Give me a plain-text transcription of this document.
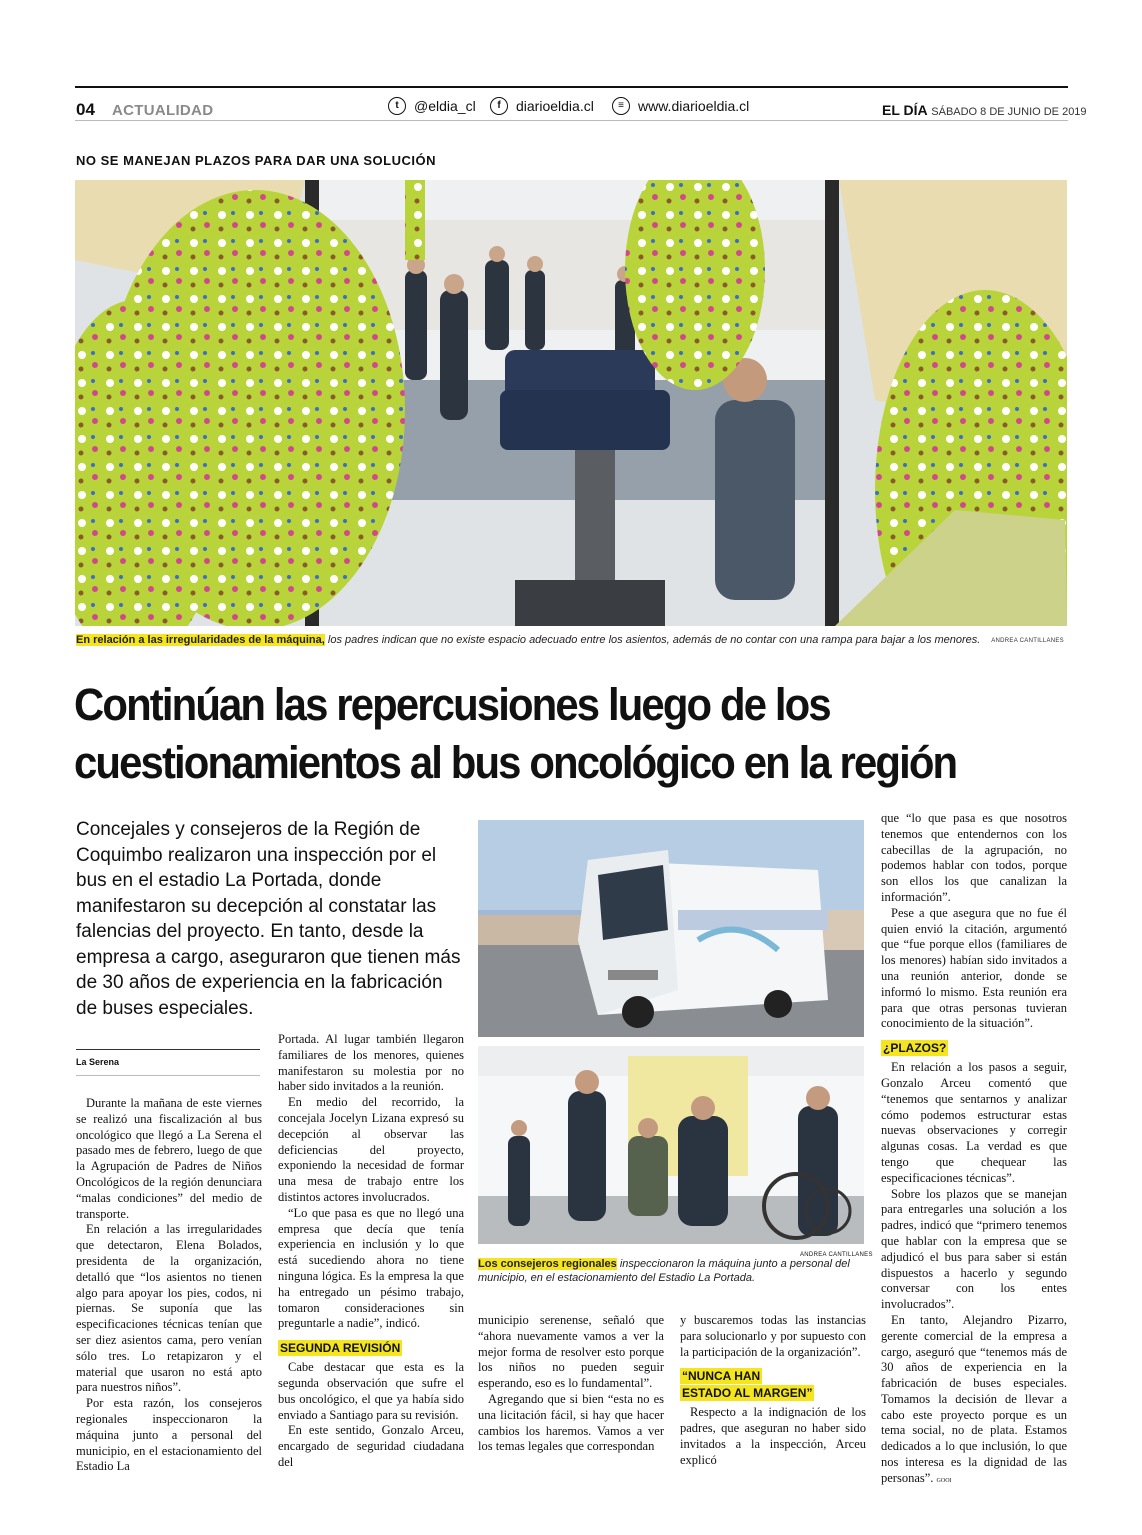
04 ACTUALIDAD	t	@eldia_cl	f	diarioeldia.cl	≡	www.diarioeldia.cl	EL DÍA SÁBADO 8 DE JUNIO DE 2019
NO SE MANEJAN PLAZOS PARA DAR UNA SOLUCIÓN
En relación a las irregularidades de la máquina, los padres indican que no existe espacio adecuado entre los asientos, además de no contar con una rampa para bajar a los menores. ANDREA CANTILLANES
Continúan las repercusiones luego de los cuestionamientos al bus oncológico en la región
Concejales y consejeros de la Región de Coquimbo realizaron una inspección por el bus en el estadio La Portada, donde manifestaron su decepción al constatar las falencias del proyecto. En tanto, desde la empresa a cargo, aseguraron que tienen más de 30 años de experiencia en la fabricación de buses especiales.
La Serena

Durante la mañana de este viernes se realizó una fiscalización al bus oncológico que llegó a La Serena el pasado mes de febrero, luego de que la Agrupación de Padres de Niños Oncológicos de la región denunciara “malas condiciones” del medio de transporte.

En relación a las irregularidades que detectaron, Elena Bolados, presidenta de la organización, detalló que “los asientos no tienen algo para apoyar los pies, codos, ni piernas. Se suponía que las especificaciones técnicas tenían que ser diez asientos cama, pero venían sólo tres. Lo retapizaron y el material que usaron no está apto para nuestros niños”.

Por esta razón, los consejeros regionales inspeccionaron la máquina junto a personal del municipio, en el estacionamiento del Estadio La

Portada. Al lugar también llegaron familiares de los menores, quienes manifestaron su molestia por no haber sido invitados a la reunión.

En medio del recorrido, la concejala Jocelyn Lizana expresó su decepción al observar las deficiencias del proyecto, exponiendo la necesidad de formar una mesa de trabajo entre los distintos actores involucrados.

“Lo que pasa es que no llegó una empresa que decía que tenía experiencia en inclusión y lo que está sucediendo ahora no tiene ninguna lógica. Es la empresa la que ha entregado un pésimo trabajo, tomaron consideraciones sin preguntarle a nadie”, indicó.

SEGUNDA REVISIÓN

Cabe destacar que esta es la segunda observación que sufre el bus oncológico, el que ya había sido enviado a Santiago para su revisión.

En este sentido, Gonzalo Arceu, encargado de seguridad ciudadana del

ANDREA CANTILLANES
Los consejeros regionales inspeccionaron la máquina junto a personal del municipio, en el estacionamiento del Estadio La Portada.

municipio serenense, señaló que “ahora nuevamente vamos a ver la mejor forma de resolver esto porque los niños no pueden seguir esperando, eso es lo fundamental”.

Agregando que si bien “esta no es una licitación fácil, si hay que hacer cambios los haremos. Vamos a ver los temas legales que correspondan

y buscaremos todas las instancias para solucionarlo y por supuesto con la participación de la organización”.

“NUNCA HAN
ESTADO AL MARGEN”

Respecto a la indignación de los padres, que aseguran no haber sido invitados a la inspección, Arceu explicó

que “lo que pasa es que nosotros tenemos que entendernos con los cabecillas de la agrupación, no podemos hablar con todos, porque son ellos los que canalizan la información”.

Pese a que asegura que no fue él quien envió la citación, argumentó que “fue porque ellos (familiares de los menores) habían sido invitados a una reunión anterior, donde se informó lo mismo. Esta reunión era para que otras personas tuvieran conocimiento de la situación”.

¿PLAZOS?

En relación a los pasos a seguir, Gonzalo Arceu comentó que “tenemos que sentarnos y analizar cómo podemos estructurar estas nuevas observaciones y corregir algunas cosas. La verdad es que tengo que chequear las especificaciones técnicas”.

Sobre los plazos que se manejan para entregarles una solución a los padres, indicó que “primero tenemos que hablar con la empresa que se adjudicó el bus para saber si están dispuestos a hacerlo y segundo conversar con los entes involucrados”.

En tanto, Alejandro Pizarro, gerente comercial de la empresa a cargo, aseguró que “tenemos más de 30 años de experiencia en la fabricación de buses especiales. Tomamos la decisión de llevar a cabo este proyecto porque es un tema social, no de plata. Estamos dedicados a lo que inclusión, lo que nos interesa es la dignidad de las personas”. GOOI
